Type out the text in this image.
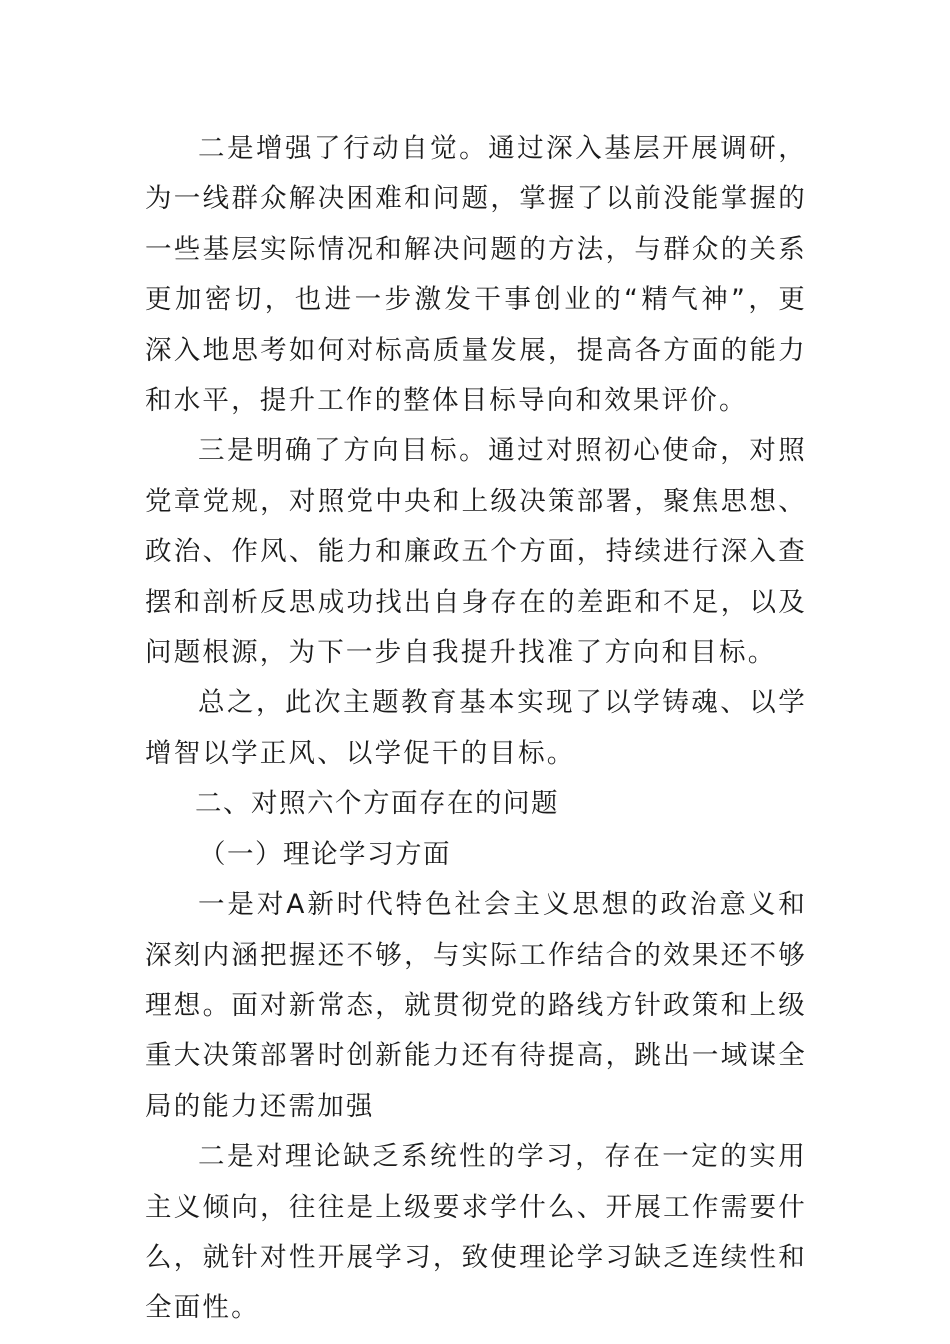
二是增强了行动自觉。通过深入基层开展调研，为一线群众解决困难和问题，掌握了以前没能掌握的一些基层实际情况和解决问题的方法，与群众的关系更加密切，也进一步激发干事创业的“精气神”，更深入地思考如何对标高质量发展，提高各方面的能力和水平，提升工作的整体目标导向和效果评价。

三是明确了方向目标。通过对照初心使命，对照党章党规，对照党中央和上级决策部署，聚焦思想、政治、作风、能力和廉政五个方面，持续进行深入查摆和剖析反思成功找出自身存在的差距和不足，以及问题根源，为下一步自我提升找准了方向和目标。

总之，此次主题教育基本实现了以学铸魂、以学增智以学正风、以学促干的目标。

二、对照六个方面存在的问题

（一）理论学习方面

一是对A新时代特色社会主义思想的政治意义和深刻内涵把握还不够，与实际工作结合的效果还不够理想。面对新常态，就贯彻党的路线方针政策和上级重大决策部署时创新能力还有待提高，跳出一域谋全局的能力还需加强

二是对理论缺乏系统性的学习，存在一定的实用主义倾向，往往是上级要求学什么、开展工作需要什么，就针对性开展学习，致使理论学习缺乏连续性和全面性。
